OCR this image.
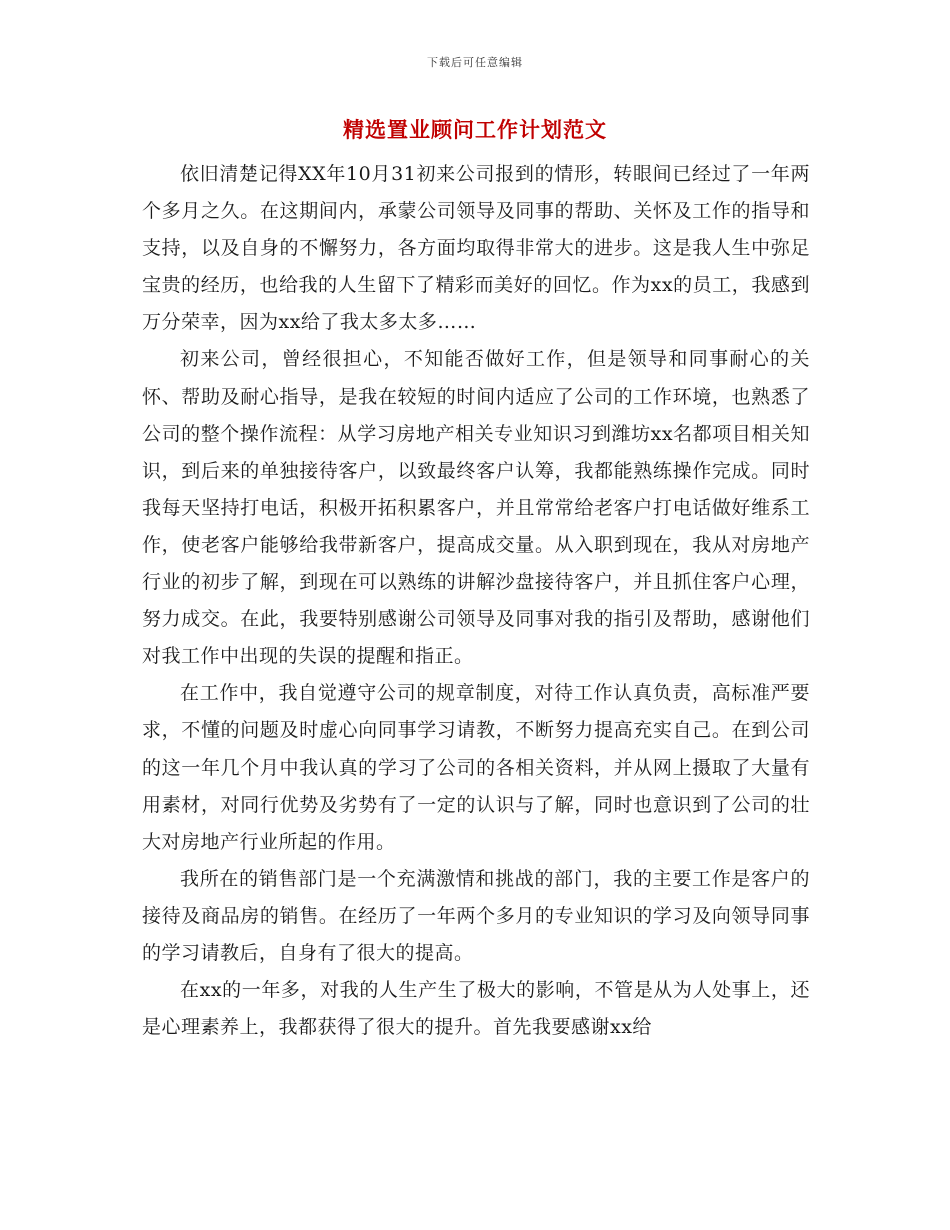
下载后可任意编辑
精选置业顾问工作计划范文

依旧清楚记得XX年10月31初来公司报到的情形，转眼间已经过了一年两个多月之久。在这期间内，承蒙公司领导及同事的帮助、关怀及工作的指导和支持，以及自身的不懈努力，各方面均取得非常大的进步。这是我人生中弥足宝贵的经历，也给我的人生留下了精彩而美好的回忆。作为xx的员工，我感到万分荣幸，因为xx给了我太多太多……

初来公司，曾经很担心，不知能否做好工作，但是领导和同事耐心的关怀、帮助及耐心指导，是我在较短的时间内适应了公司的工作环境，也熟悉了公司的整个操作流程：从学习房地产相关专业知识习到潍坊xx名都项目相关知识，到后来的单独接待客户，以致最终客户认筹，我都能熟练操作完成。同时我每天坚持打电话，积极开拓积累客户，并且常常给老客户打电话做好维系工作，使老客户能够给我带新客户，提高成交量。从入职到现在，我从对房地产行业的初步了解，到现在可以熟练的讲解沙盘接待客户，并且抓住客户心理，努力成交。在此，我要特别感谢公司领导及同事对我的指引及帮助，感谢他们对我工作中出现的失误的提醒和指正。

在工作中，我自觉遵守公司的规章制度，对待工作认真负责，高标准严要求，不懂的问题及时虚心向同事学习请教，不断努力提高充实自己。在到公司的这一年几个月中我认真的学习了公司的各相关资料，并从网上摄取了大量有用素材，对同行优势及劣势有了一定的认识与了解，同时也意识到了公司的壮大对房地产行业所起的作用。

我所在的销售部门是一个充满激情和挑战的部门，我的主要工作是客户的接待及商品房的销售。在经历了一年两个多月的专业知识的学习及向领导同事的学习请教后，自身有了很大的提高。

在xx的一年多，对我的人生产生了极大的影响，不管是从为人处事上，还是心理素养上，我都获得了很大的提升。首先我要感谢xx给
